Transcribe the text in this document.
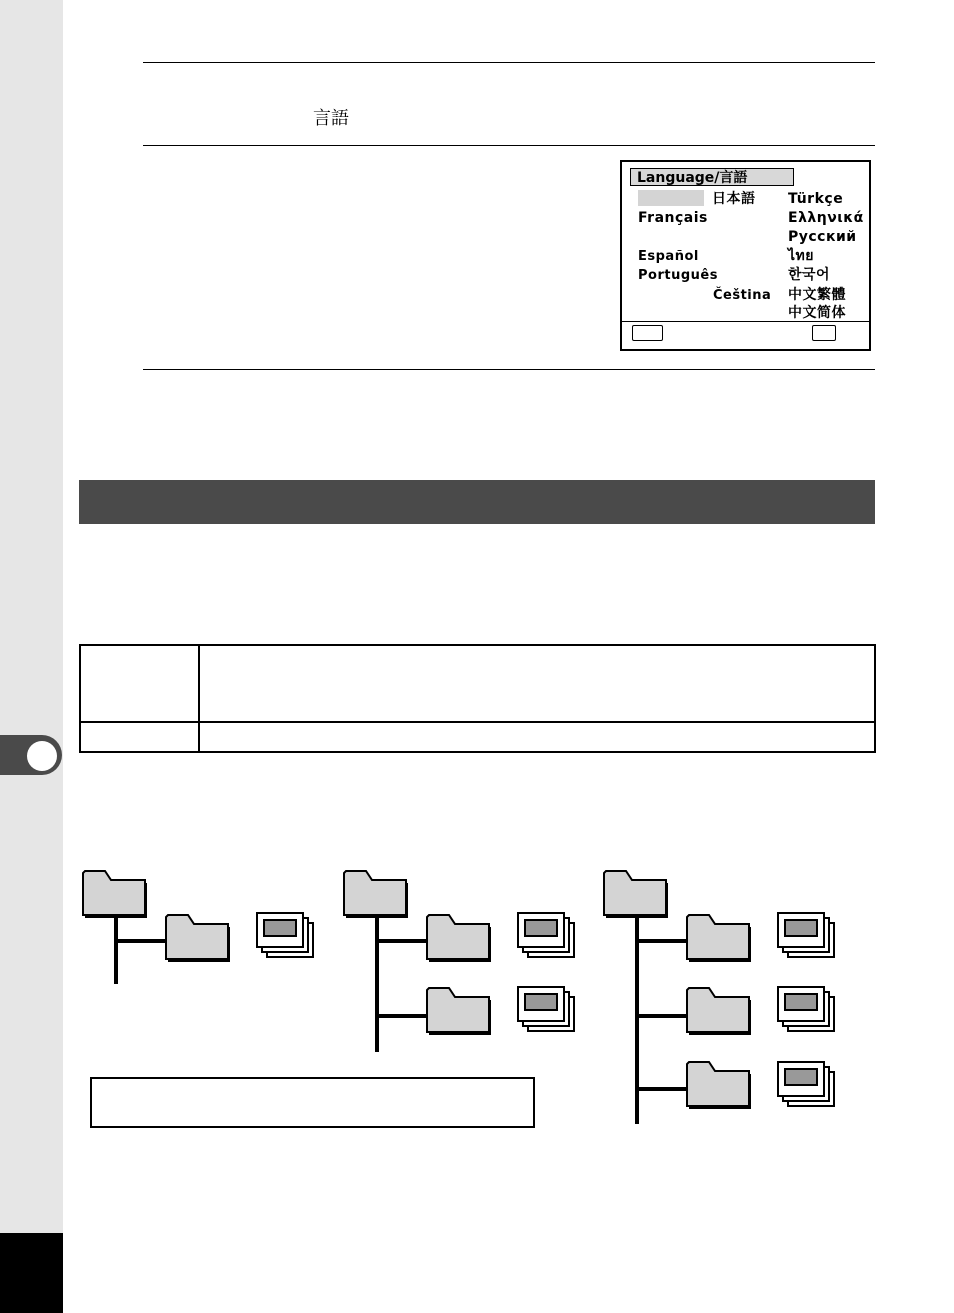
言語
Language/言語
日本語 Türkçe
Français	Ελληνικά
Русский
Español	ไทย
Português	한국어
Čeština 中文繁體
中文简体
